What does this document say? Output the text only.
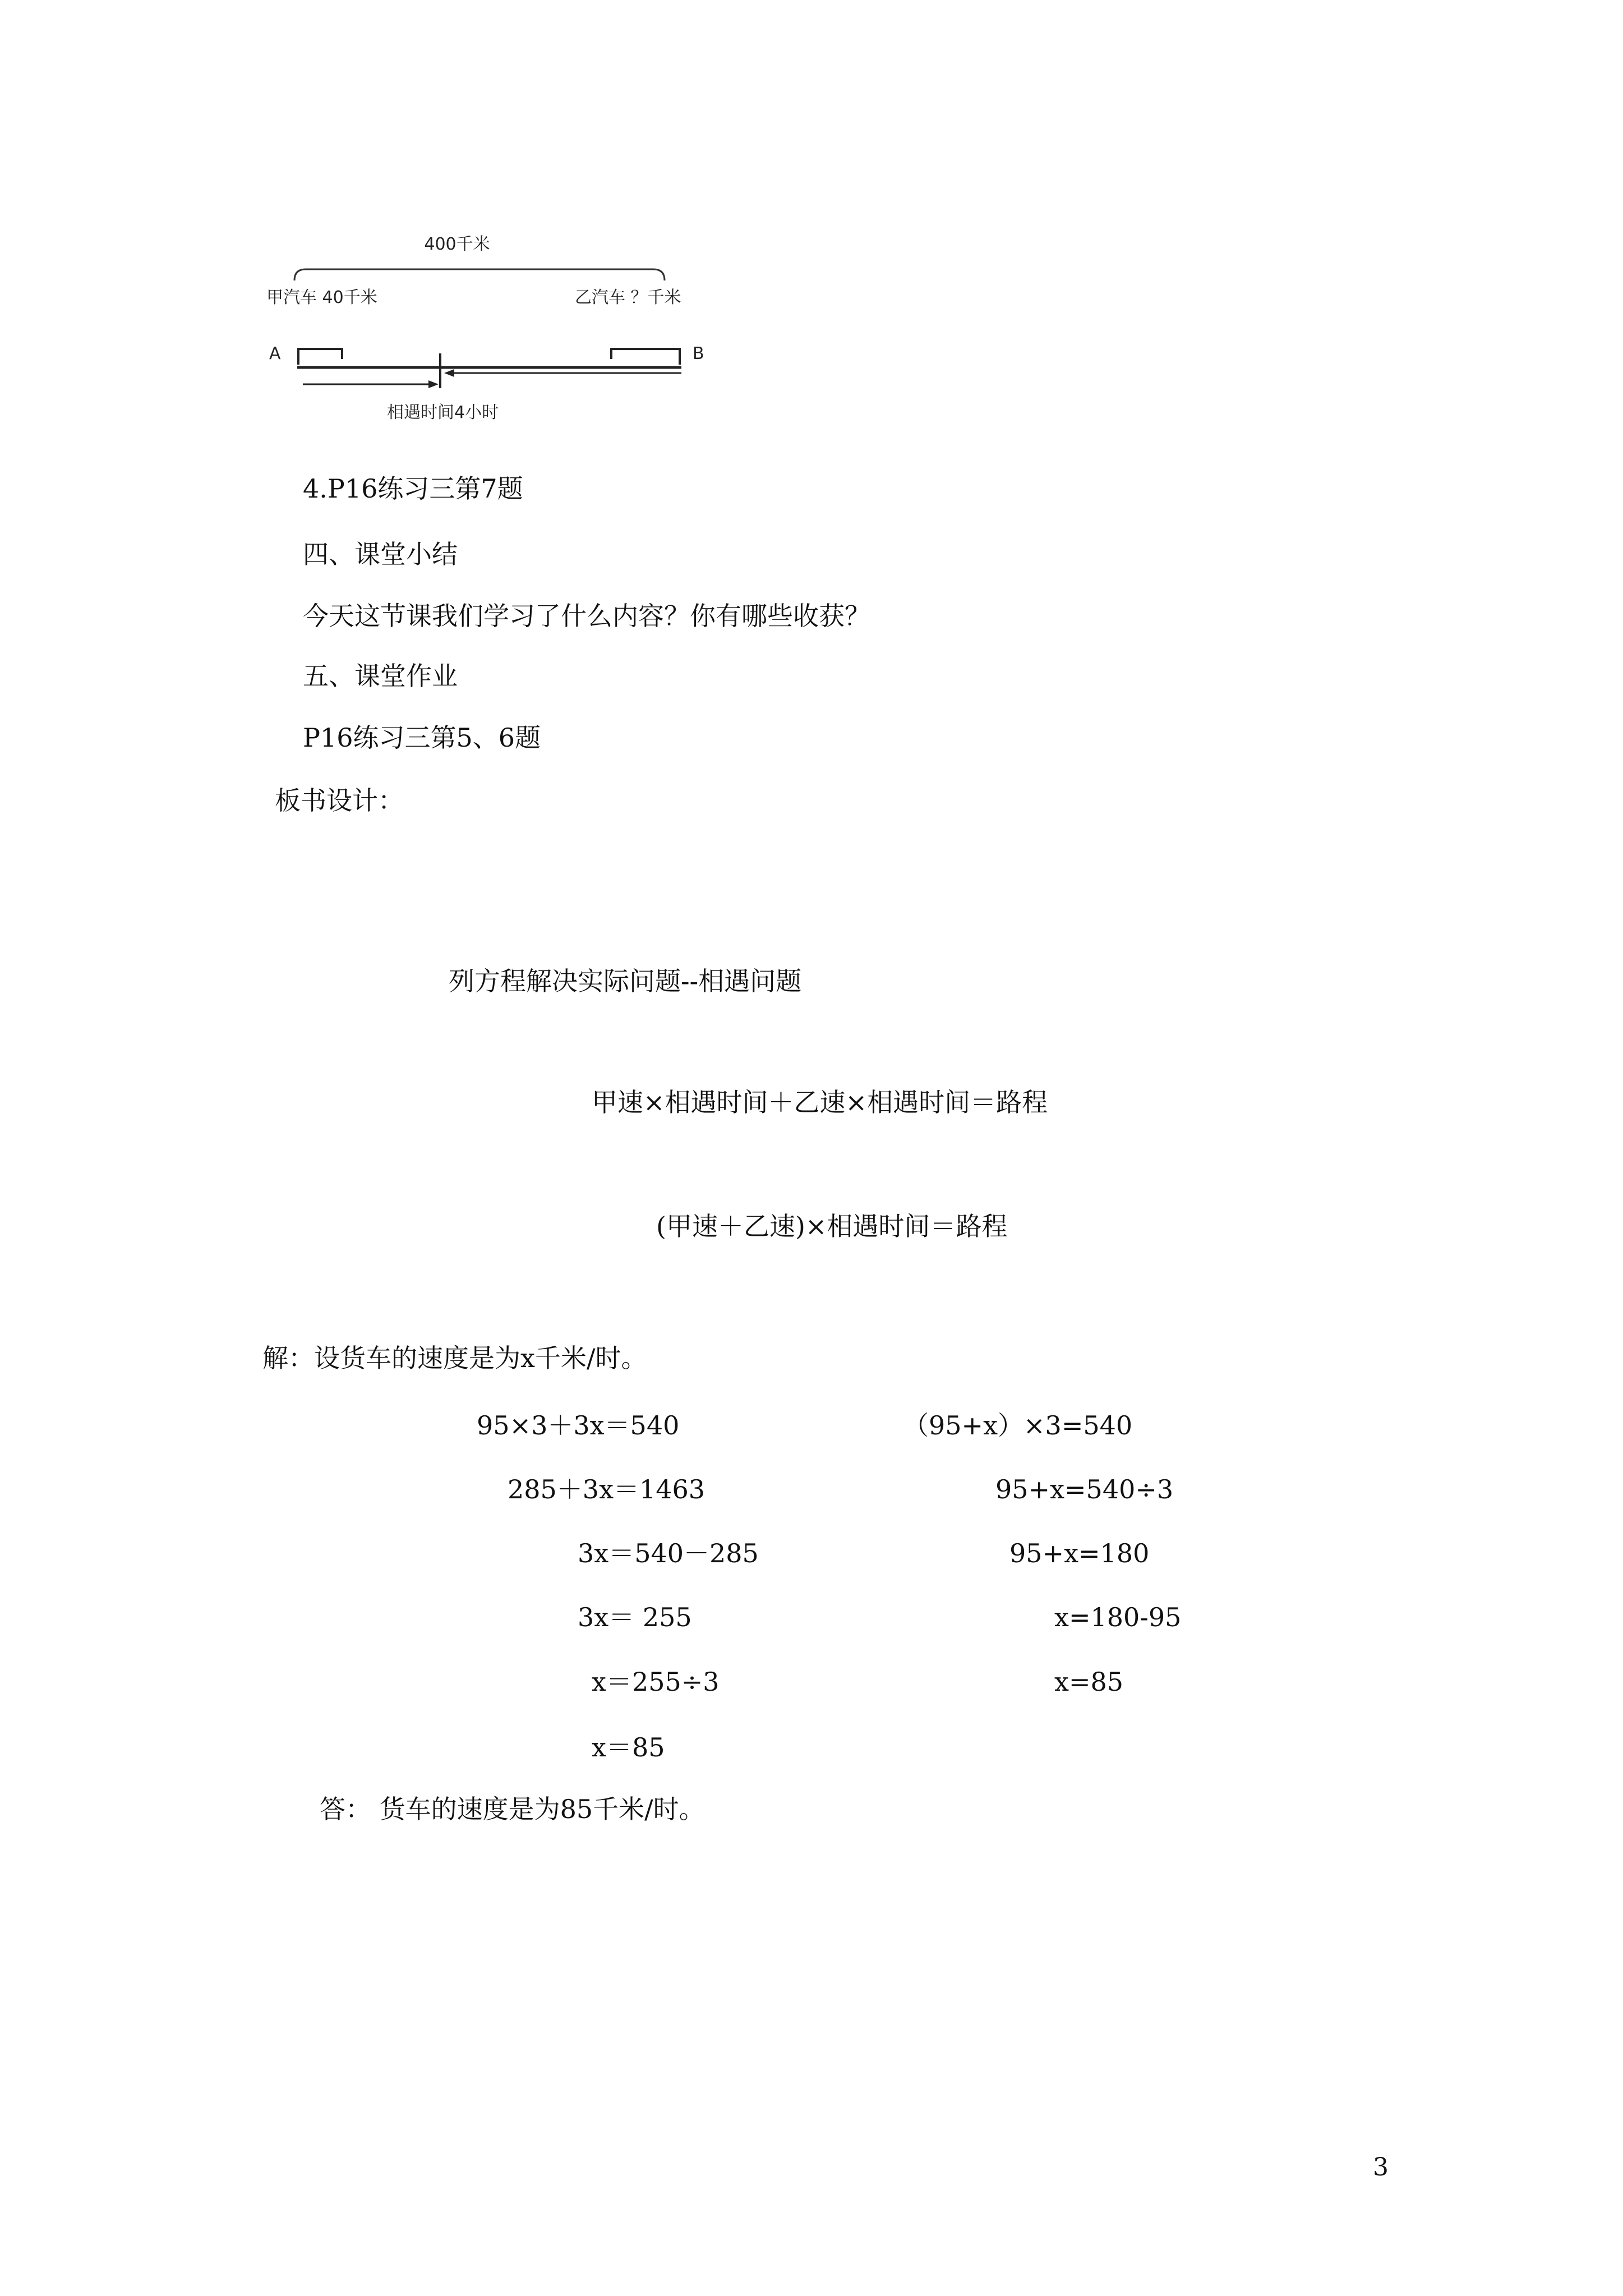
400千米
甲汽车 40千米	乙汽车 ？千米
A	B
相遇时间4小时
4.P16练习三第7题
四、课堂小结
今天这节课我们学习了什么内容？你有哪些收获？
五、课堂作业
P16练习三第5、6题
板书设计：
列方程解决实际问题--相遇问题
甲速×相遇时间＋乙速×相遇时间＝路程
(甲速＋乙速)×相遇时间＝路程
解：设货车的速度是为x千米/时。
95×3＋3x＝540
285＋3x＝1463
3x＝540－285
3x＝ 255
x＝255÷3
x＝85
（95+x）×3=540
95+x=540÷3
95+x=180
x=180-95
x=85
答： 货车的速度是为85千米/时。
3
